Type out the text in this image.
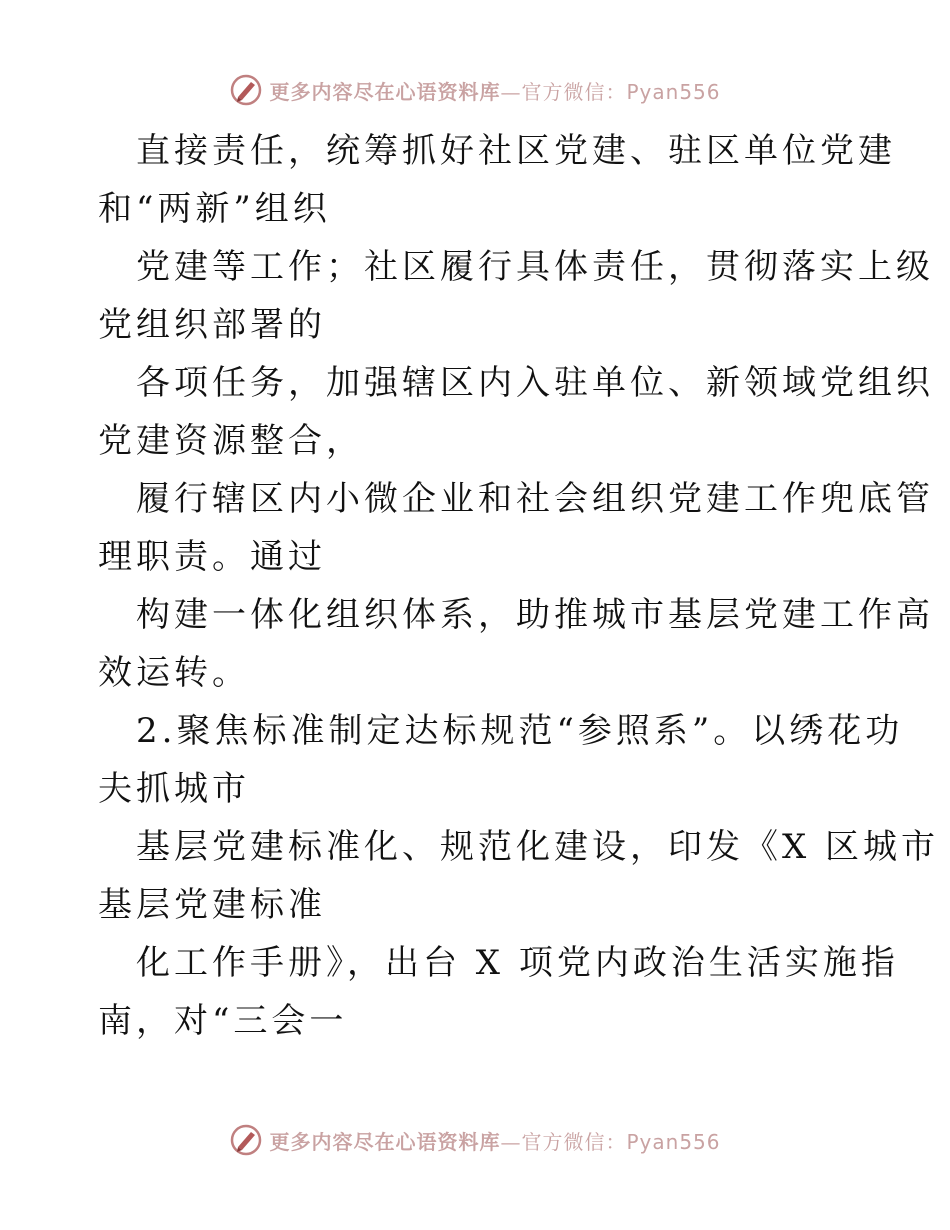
更多内容尽在心语资料库—官方微信：Pyan556
直接责任，统筹抓好社区党建、驻区单位党建
和“两新”组织
党建等工作；社区履行具体责任，贯彻落实上级
党组织部署的
各项任务，加强辖区内入驻单位、新领域党组织
党建资源整合，
履行辖区内小微企业和社会组织党建工作兜底管
理职责。通过
构建一体化组织体系，助推城市基层党建工作高
效运转。
2.聚焦标准制定达标规范“参照系”。以绣花功
夫抓城市
基层党建标准化、规范化建设，印发《X 区城市
基层党建标准
化工作手册》，出台 X 项党内政治生活实施指
南，对“三会一
更多内容尽在心语资料库—官方微信：Pyan556
